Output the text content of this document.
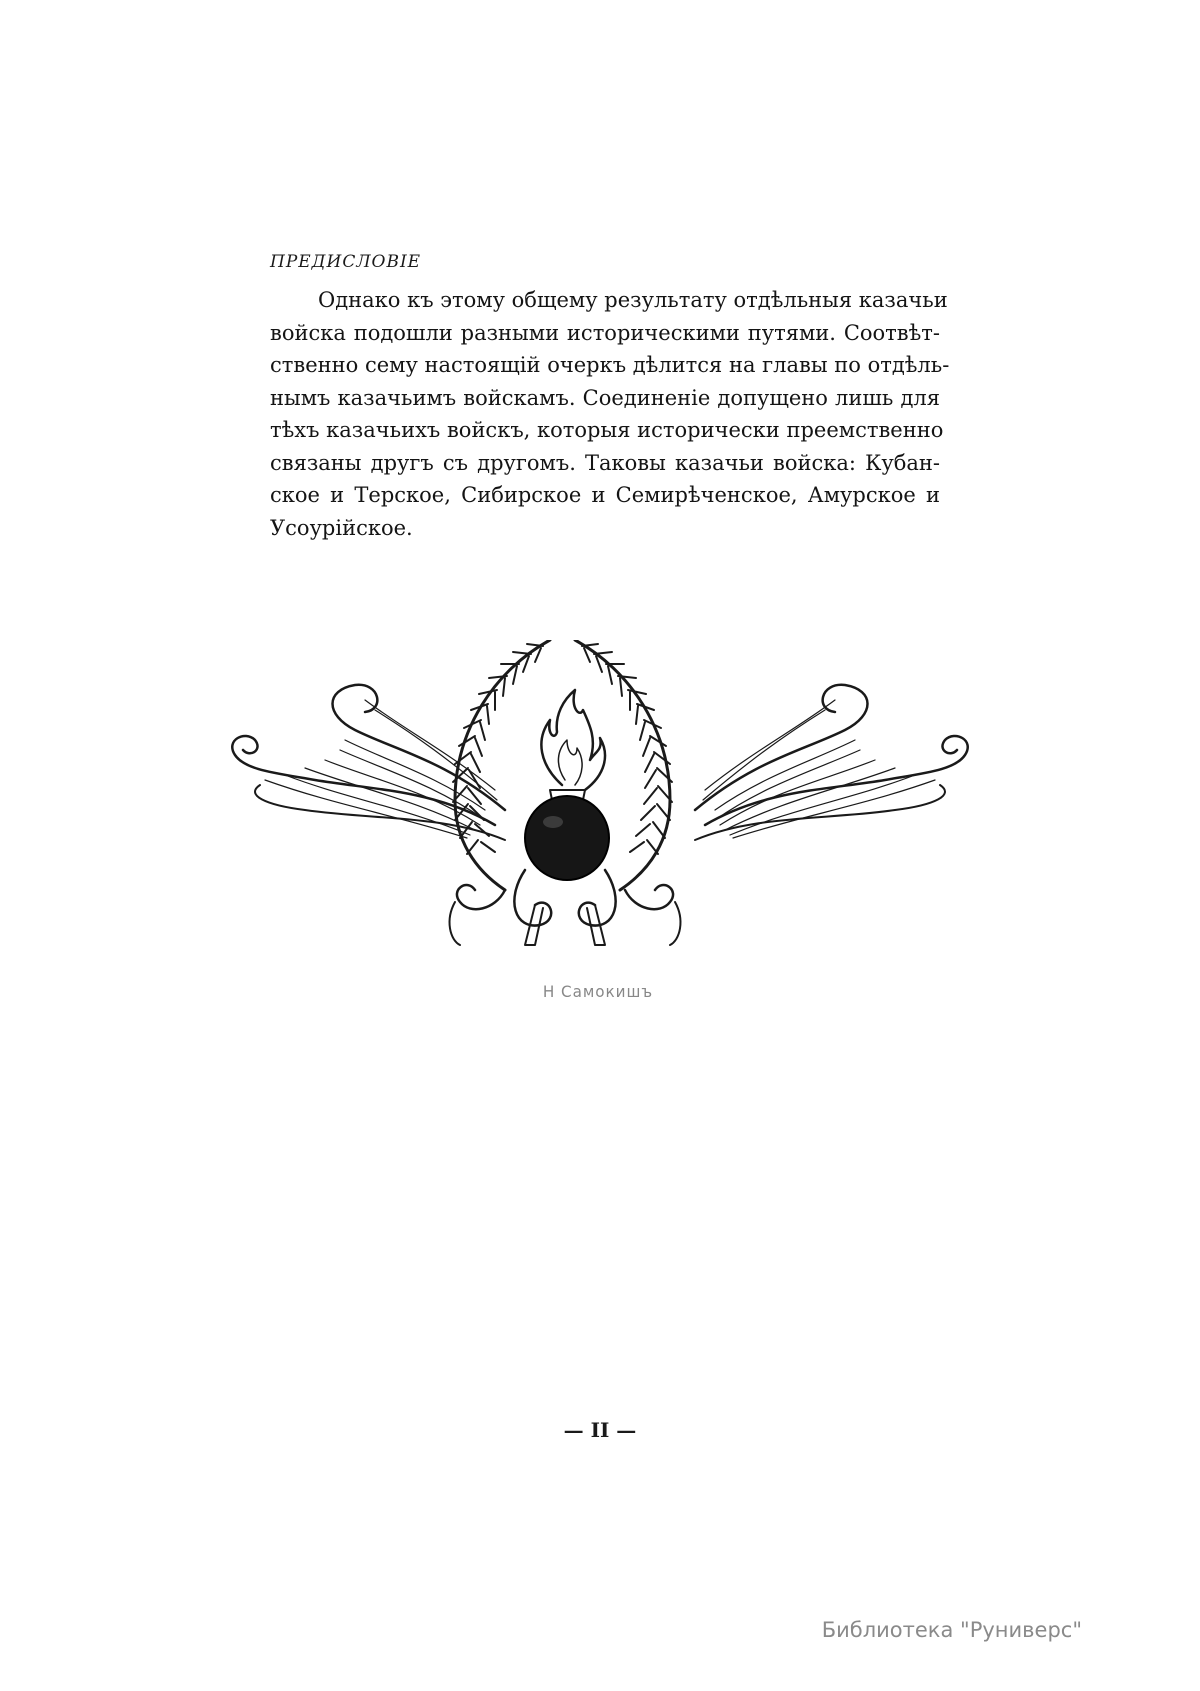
ПРЕДИСЛОВІЕ
Однако къ этому общему результату отдѣльныя казачьи
войска подошли разными историческими путями. Соотвѣт-
ственно сему настоящій очеркъ дѣлится на главы по отдѣль-
нымъ казачьимъ войскамъ. Соединеніе допущено лишь для
тѣхъ казачьихъ войскъ, которыя исторически преемственно
связаны другъ съ другомъ. Таковы казачьи войска: Кубан-
ское и Терское, Сибирское и Семирѣченское, Амурское и
Усоурійское.
Н Самокишъ
— II —
Библиотека "Руниверс"
